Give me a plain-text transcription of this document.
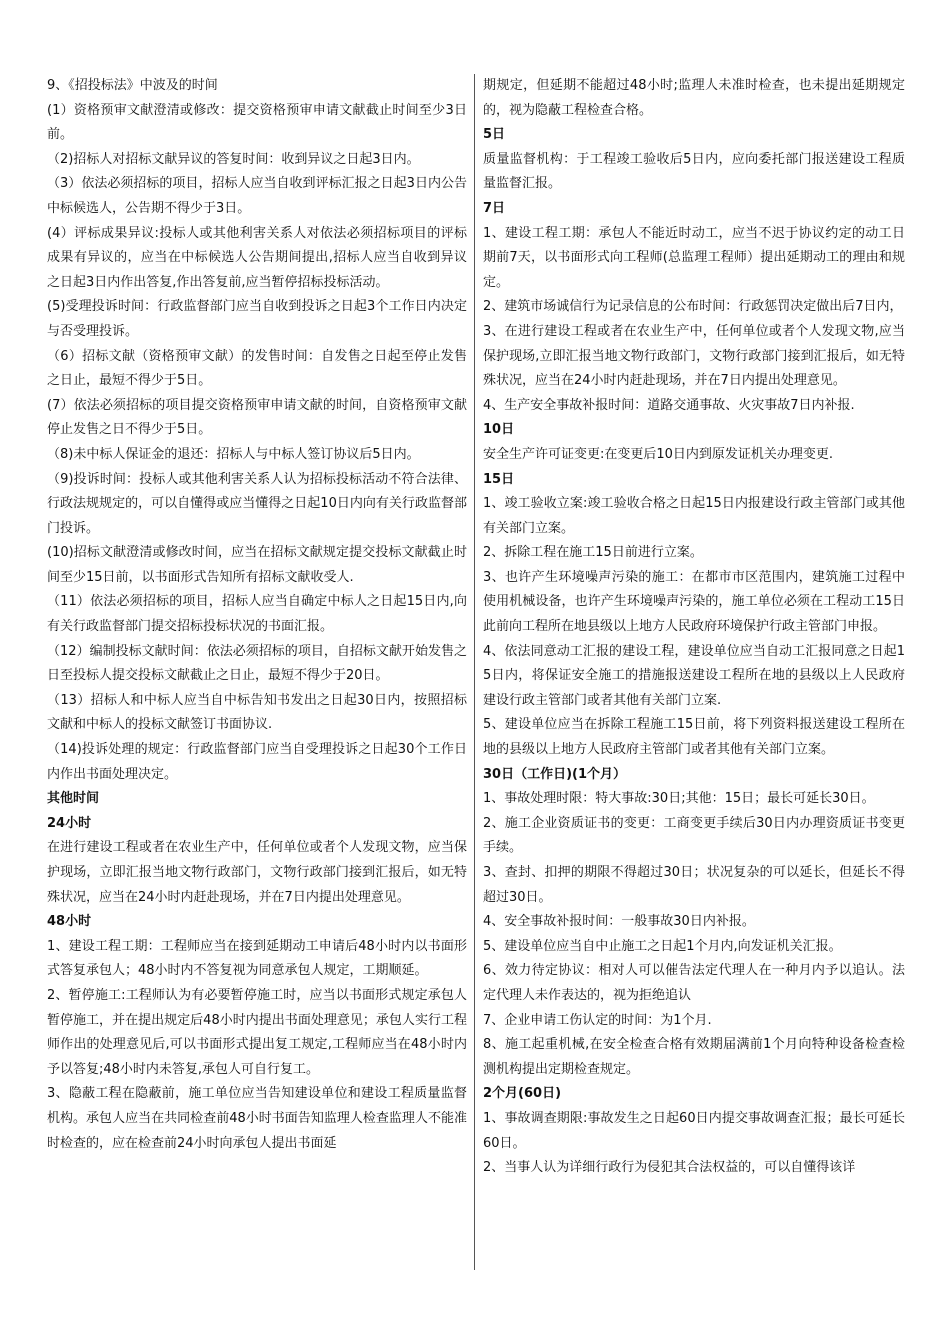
9、《招投标法》中波及的时间

(1）资格预审文献澄清或修改：提交资格预审申请文献截止时间至少3日前。

（2)招标人对招标文献异议的答复时间：收到异议之日起3日内。

（3）依法必须招标的项目，招标人应当自收到评标汇报之日起3日内公告中标候选人，公告期不得少于3日。

(4）评标成果异议:投标人或其他利害关系人对依法必须招标项目的评标成果有异议的，应当在中标候选人公告期间提出,招标人应当自收到异议之日起3日内作出答复,作出答复前,应当暂停招标投标活动。

(5)受理投诉时间：行政监督部门应当自收到投诉之日起3个工作日内决定与否受理投诉。

（6）招标文献（资格预审文献）的发售时间：自发售之日起至停止发售之日止，最短不得少于5日。

(7）依法必须招标的项目提交资格预审申请文献的时间，自资格预审文献停止发售之日不得少于5日。

（8)未中标人保证金的退还：招标人与中标人签订协议后5日内。

（9)投诉时间：投标人或其他利害关系人认为招标投标活动不符合法律、行政法规规定的，可以自懂得或应当懂得之日起10日内向有关行政监督部门投诉。

(10)招标文献澄清或修改时间，应当在招标文献规定提交投标文献截止时间至少15日前，以书面形式告知所有招标文献收受人.

（11）依法必须招标的项目，招标人应当自确定中标人之日起15日内,向有关行政监督部门提交招标投标状况的书面汇报。

（12）编制投标文献时间：依法必须招标的项目，自招标文献开始发售之日至投标人提交投标文献截止之日止，最短不得少于20日。

（13）招标人和中标人应当自中标告知书发出之日起30日内，按照招标文献和中标人的投标文献签订书面协议.

（14)投诉处理的规定：行政监督部门应当自受理投诉之日起30个工作日内作出书面处理决定。

其他时间

24小时

在进行建设工程或者在农业生产中，任何单位或者个人发现文物，应当保护现场，立即汇报当地文物行政部门，文物行政部门接到汇报后，如无特殊状况，应当在24小时内赶赴现场，并在7日内提出处理意见。

48小时

1、建设工程工期：工程师应当在接到延期动工申请后48小时内以书面形式答复承包人；48小时内不答复视为同意承包人规定，工期顺延。

2、暂停施工:工程师认为有必要暂停施工时，应当以书面形式规定承包人暂停施工，并在提出规定后48小时内提出书面处理意见；承包人实行工程师作出的处理意见后,可以书面形式提出复工规定,工程师应当在48小时内予以答复;48小时内未答复,承包人可自行复工。

3、隐蔽工程在隐蔽前，施工单位应当告知建设单位和建设工程质量监督机构。承包人应当在共同检查前48小时书面告知监理人检查监理人不能准时检查的，应在检查前24小时向承包人提出书面延

期规定，但延期不能超过48小时;监理人未准时检查，也未提出延期规定的，视为隐蔽工程检查合格。

5日

质量监督机构：于工程竣工验收后5日内，应向委托部门报送建设工程质量监督汇报。

7日

1、建设工程工期：承包人不能近时动工，应当不迟于协议约定的动工日期前7天，以书面形式向工程师(总监理工程师）提出延期动工的理由和规定。

2、建筑市场诚信行为记录信息的公布时间：行政惩罚决定做出后7日内，

3、在进行建设工程或者在农业生产中，任何单位或者个人发现文物,应当保护现场,立即汇报当地文物行政部门，文物行政部门接到汇报后，如无特殊状况，应当在24小时内赶赴现场，并在7日内提出处理意见。

4、生产安全事故补报时间：道路交通事故、火灾事故7日内补报.

10日

安全生产许可证变更:在变更后10日内到原发证机关办理变更.

15日

1、竣工验收立案:竣工验收合格之日起15日内报建设行政主管部门或其他有关部门立案。

2、拆除工程在施工15日前进行立案。

3、也许产生环境噪声污染的施工：在都市市区范围内，建筑施工过程中使用机械设备，也许产生环境噪声污染的，施工单位必须在工程动工15日此前向工程所在地县级以上地方人民政府环境保护行政主管部门申报。

4、依法同意动工汇报的建设工程，建设单位应当自动工汇报同意之日起15日内，将保证安全施工的措施报送建设工程所在地的县级以上人民政府建设行政主管部门或者其他有关部门立案.

5、建设单位应当在拆除工程施工15日前，将下列资料报送建设工程所在地的县级以上地方人民政府主管部门或者其他有关部门立案。

30日（工作日)(1个月）

1、事故处理时限：特大事故:30日;其他：15日；最长可延长30日。

2、施工企业资质证书的变更：工商变更手续后30日内办理资质证书变更手续。

3、查封、扣押的期限不得超过30日；状况复杂的可以延长，但延长不得超过30日。

4、安全事故补报时间：一般事故30日内补报。

5、建设单位应当自中止施工之日起1个月内,向发证机关汇报。

6、效力待定协议：相对人可以催告法定代理人在一种月内予以追认。法定代理人未作表达的，视为拒绝追认

7、企业申请工伤认定的时间：为1个月.

8、施工起重机械,在安全检查合格有效期届满前1个月向特种设备检查检测机构提出定期检查规定。

2个月(60日)

1、事故调查期限:事故发生之日起60日内提交事故调查汇报；最长可延长60日。

2、当事人认为详细行政行为侵犯其合法权益的，可以自懂得该详
